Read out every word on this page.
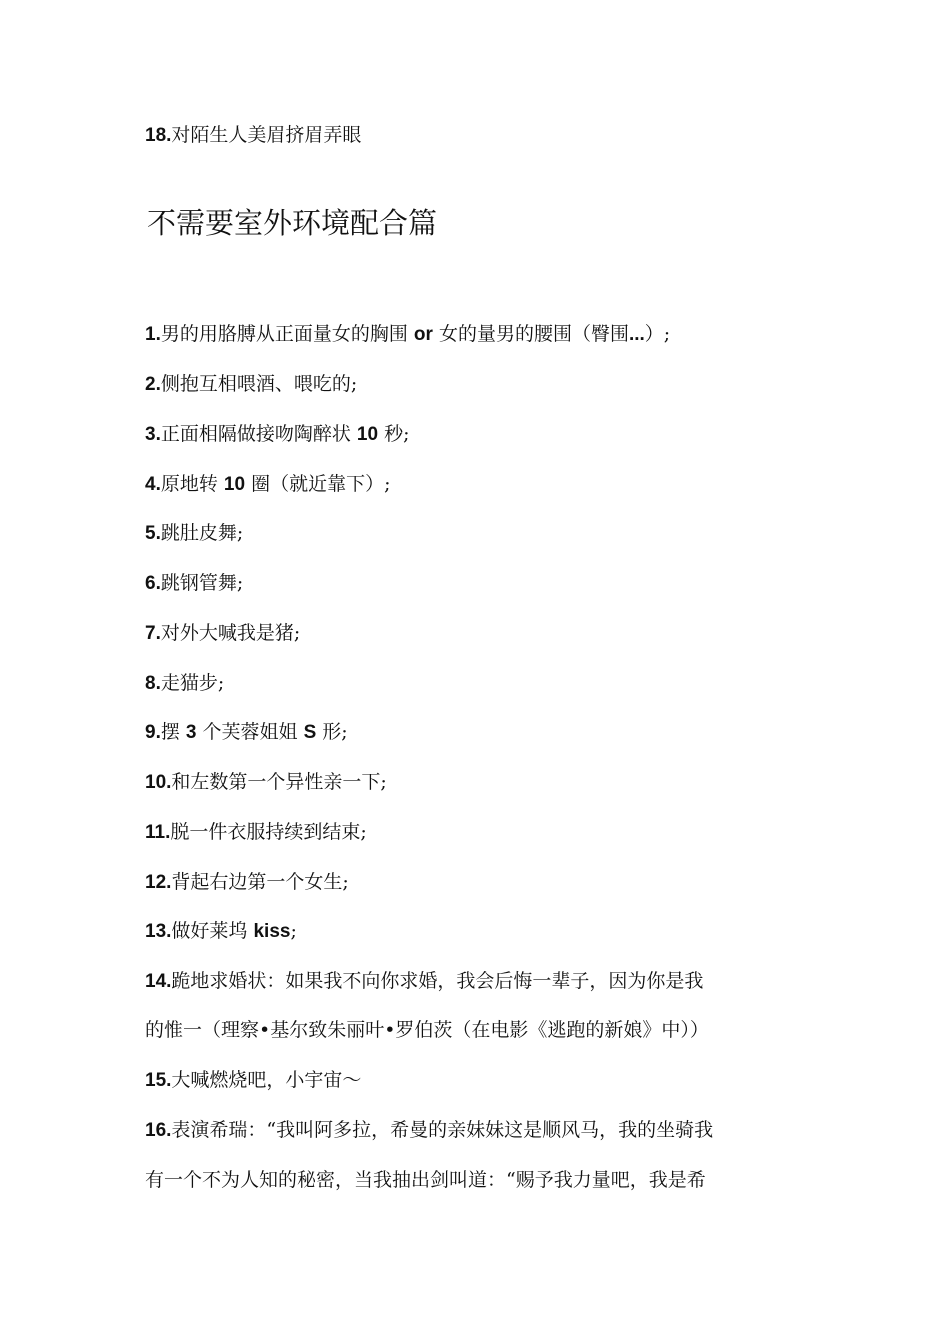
18.对陌生人美眉挤眉弄眼
不需要室外环境配合篇
1.男的用胳膊从正面量女的胸围 or 女的量男的腰围（臀围...）;
2.侧抱互相喂酒、喂吃的;
3.正面相隔做接吻陶醉状 10 秒;
4.原地转 10 圈（就近靠下）;
5.跳肚皮舞;
6.跳钢管舞;
7.对外大喊我是猪;
8.走猫步;
9.摆 3 个芙蓉姐姐 S 形;
10.和左数第一个异性亲一下;
11.脱一件衣服持续到结束;
12.背起右边第一个女生;
13.做好莱坞 kiss;
14.跪地求婚状：如果我不向你求婚，我会后悔一辈子，因为你是我
的惟一（理察•基尔致朱丽叶•罗伯茨（在电影《逃跑的新娘》中））
15.大喊燃烧吧，小宇宙～
16.表演希瑞：“我叫阿多拉，希曼的亲妹妹这是顺风马，我的坐骑我
有一个不为人知的秘密，当我抽出剑叫道：“赐予我力量吧，我是希
